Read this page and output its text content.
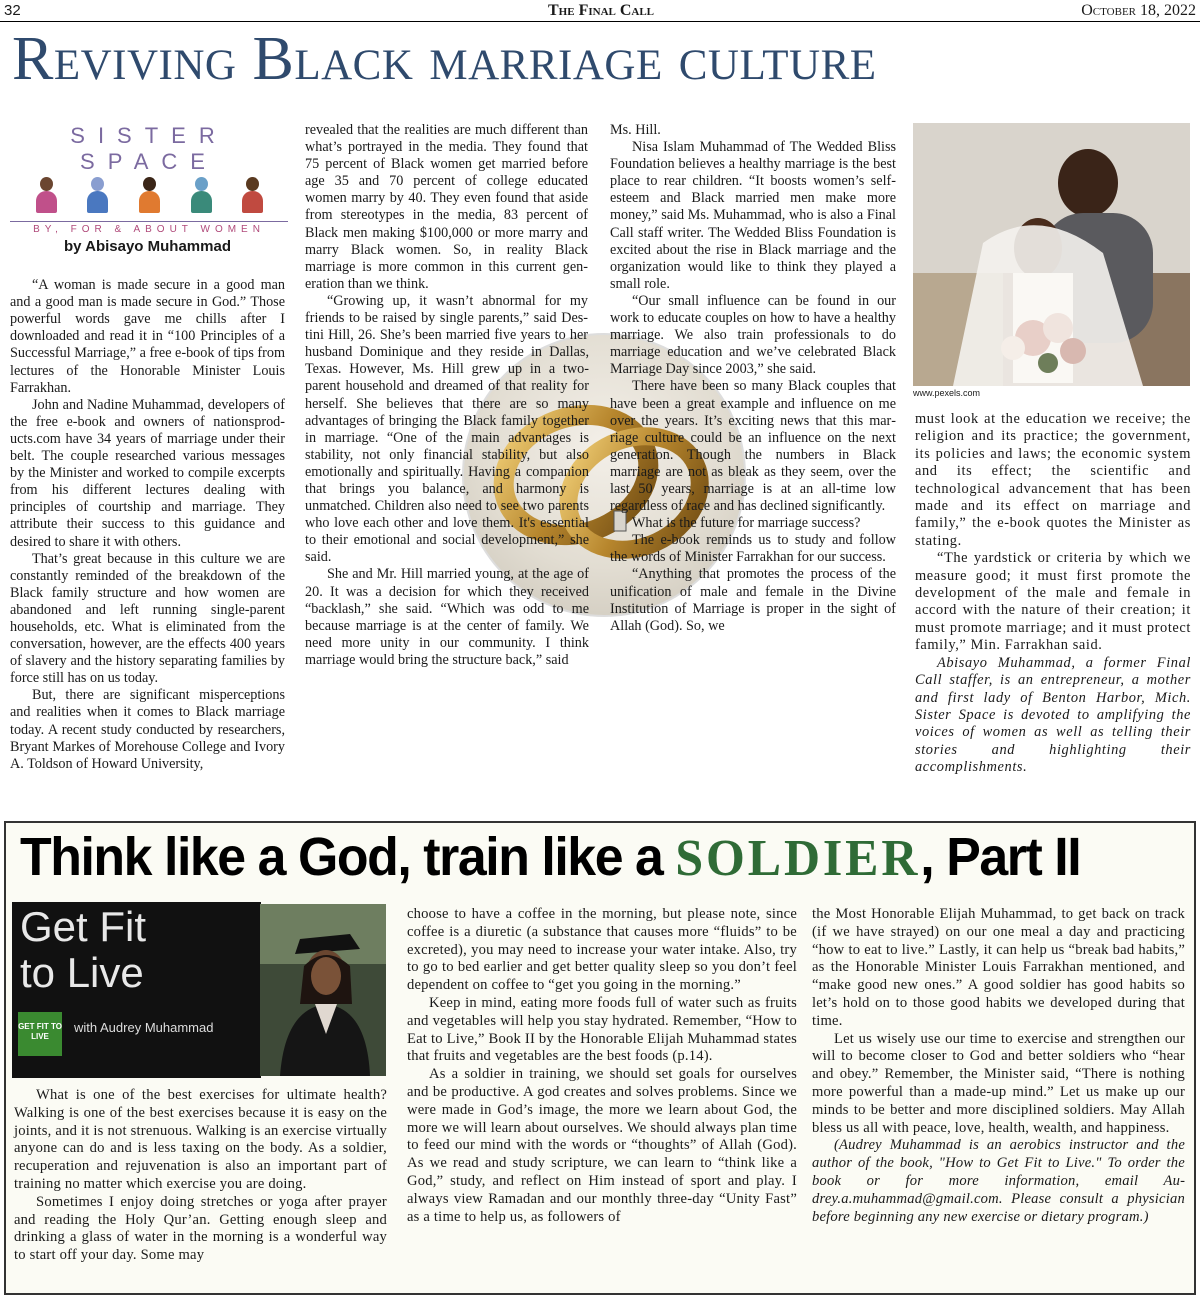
32	The Final Call	October 18, 2022
Reviving Black marriage culture
SISTER SPACE
BY, FOR & ABOUT WOMEN
by Abisayo Muhammad

“A woman is made secure in a good man and a good man is made secure in God.” Those powerful words gave me chills after I downloaded and read it in “100 Principles of a Successful Marriage,” a free e-book of tips from lectures of the Honorable Minister Louis Farrakhan.

John and Nadine Muhammad, developers of the free e-book and owners of nationsproducts.com have 34 years of marriage under their belt. The couple researched various messages by the Minister and worked to compile excerpts from his different lectures dealing with principles of courtship and marriage. They attribute their success to this guidance and desired to share it with others.

That’s great because in this culture we are constantly reminded of the breakdown of the Black family structure and how women are abandoned and left running single-parent households, etc. What is eliminated from the conversation, however, are the effects 400 years of slavery and the history separating families by force still has on us today.

But, there are significant misperceptions and realities when it comes to Black marriage today. A recent study conducted by researchers, Bryant Markes of Morehouse College and Ivory A. Toldson of Howard University,

revealed that the realities are much different than what’s portrayed in the media. They found that 75 percent of Black women get married before age 35 and 70 percent of college educated women marry by 40. They even found that aside from stereotypes in the media, 83 percent of Black men making $100,000 or more marry and marry Black women. So, in reality Black marriage is more common in this current generation than we think.

“Growing up, it wasn’t abnormal for my friends to be raised by single parents,” said Destini Hill, 26. She’s been married five years to her husband Dominique and they reside in Dallas, Texas. However, Ms. Hill grew up in a two-parent household and dreamed of that reality for herself. She believes that there are so many advantages of bringing the Black family together in marriage. “One of the main advantages is stability, not only financial stability, but also emotionally and spiritually. Having a companion that brings you balance, and harmony is unmatched. Children also need to see two parents who love each other and love them. It's essential to their emotional and social development,” she said.

She and Mr. Hill married young, at the age of 20. It was a decision for which they received “backlash,” she said. “Which was odd to me because marriage is at the center of family. We need more unity in our community. I think marriage would bring the structure back,” said

Ms. Hill.

Nisa Islam Muhammad of The Wedded Bliss Foundation believes a healthy marriage is the best place to rear children. “It boosts women’s self-esteem and Black married men make more money,” said Ms. Muhammad, who is also a Final Call staff writer. The Wedded Bliss Foundation is excited about the rise in Black marriage and the organization would like to think they played a small role.

“Our small influence can be found in our work to educate couples on how to have a healthy marriage. We also train professionals to do marriage education and we’ve celebrated Black Marriage Day since 2003,” she said.

There have been so many Black couples that have been a great example and influence on me over the years. It’s exciting news that this marriage culture could be an influence on the next generation. Though the numbers in Black marriage are not as bleak as they seem, over the last 50 years, marriage is at an all-time low regardless of race and has declined significantly.

What is the future for marriage success?

The e-book reminds us to study and follow the words of Minister Farrakhan for our success.

“Anything that promotes the process of the unification of male and female in the Divine Institution of Marriage is proper in the sight of Allah (God). So, we

www.pexels.com

must look at the education we receive; the religion and its practice; the government, its policies and laws; the economic system and its effect; the scientific and technological advancement that has been made and its effect on marriage and family,” the e-book quotes the Minister as stating.

“The yardstick or criteria by which we measure good; it must first promote the development of the male and female in accord with the nature of their creation; it must promote marriage; and it must protect family,” Min. Farrakhan said.

Abisayo Muhammad, a former Final Call staffer, is an entrepreneur, a mother and first lady of Benton Harbor, Mich. Sister Space is devoted to amplifying the voices of women as well as telling their stories and highlighting their accomplishments.

Think like a God, train like a SOLDIER, Part II
Get Fit
to Live
GET FIT TO LIVE
with Audrey Muhammad

What is one of the best exercises for ultimate health? Walking is one of the best exercises because it is easy on the joints, and it is not strenuous. Walking is an exercise virtually anyone can do and is less taxing on the body. As a soldier, recuperation and rejuvenation is also an important part of training no matter which exercise you are doing.

Sometimes I enjoy doing stretches or yoga after prayer and reading the Holy Qur’an. Getting enough sleep and drinking a glass of water in the morning is a wonderful way to start off your day. Some may

choose to have a coffee in the morning, but please note, since coffee is a diuretic (a substance that causes more “fluids” to be excreted), you may need to increase your water intake. Also, try to go to bed earlier and get better quality sleep so you don’t feel dependent on coffee to “get you going in the morning.”

Keep in mind, eating more foods full of water such as fruits and vegetables will help you stay hydrated. Remember, “How to Eat to Live,” Book II by the Honorable Elijah Muhammad states that fruits and vegetables are the best foods (p.14).

As a soldier in training, we should set goals for ourselves and be productive. A god creates and solves problems. Since we were made in God’s image, the more we learn about God, the more we will learn about ourselves. We should always plan time to feed our mind with the words or “thoughts” of Allah (God). As we read and study scripture, we can learn to “think like a God,” study, and reflect on Him instead of sport and play. I always view Ramadan and our monthly three-day “Unity Fast” as a time to help us, as followers of

the Most Honorable Elijah Muhammad, to get back on track (if we have strayed) on our one meal a day and practicing “how to eat to live.” Lastly, it can help us “break bad habits,” as the Honorable Minister Louis Farrakhan mentioned, and “make good new ones.” A good soldier has good habits so let’s hold on to those good habits we developed during that time.

Let us wisely use our time to exercise and strengthen our will to become closer to God and better soldiers who “hear and obey.” Remember, the Minister said, “There is nothing more powerful than a made-up mind.” Let us make up our minds to be better and more disciplined soldiers. May Allah bless us all with peace, love, health, wealth, and happiness.

(Audrey Muhammad is an aerobics instructor and the author of the book, "How to Get Fit to Live." To order the book or for more information, email Audrey.a.muhammad@gmail.com. Please consult a physician before beginning any new exercise or dietary program.)
